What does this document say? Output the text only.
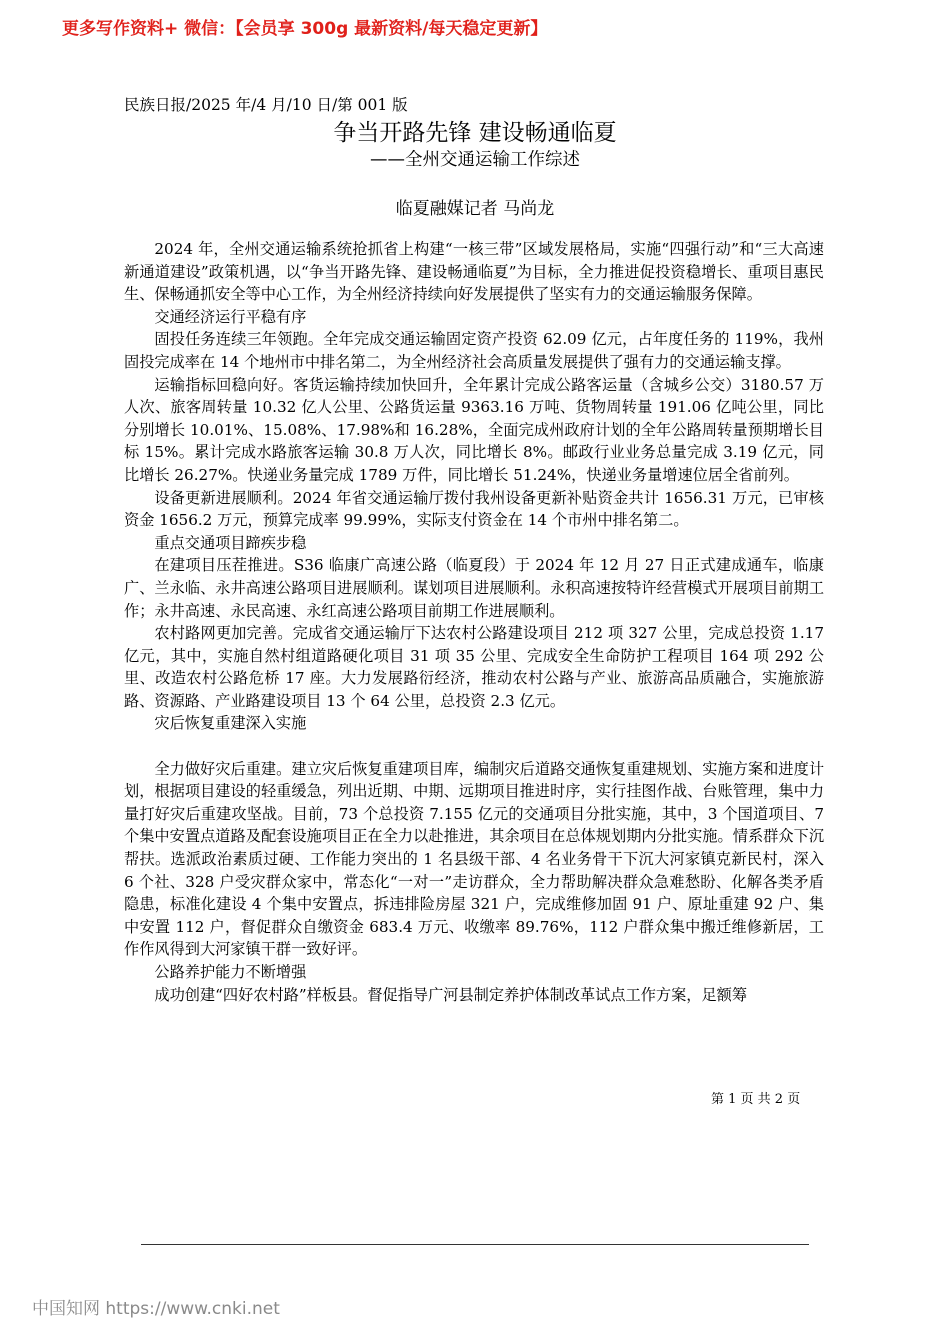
更多写作资料+ 微信：【会员享 300g 最新资料/每天稳定更新】
民族日报/2025 年/4 月/10 日/第 001 版
争当开路先锋 建设畅通临夏
——全州交通运输工作综述
临夏融媒记者 马尚龙

2024 年，全州交通运输系统抢抓省上构建“一核三带”区域发展格局，实施“四强行动”和“三大高速新通道建设”政策机遇，以“争当开路先锋、建设畅通临夏”为目标，全力推进促投资稳增长、重项目惠民生、保畅通抓安全等中心工作，为全州经济持续向好发展提供了坚实有力的交通运输服务保障。

交通经济运行平稳有序

固投任务连续三年领跑。全年完成交通运输固定资产投资 62.09 亿元，占年度任务的 119%，我州固投完成率在 14 个地州市中排名第二，为全州经济社会高质量发展提供了强有力的交通运输支撑。

运输指标回稳向好。客货运输持续加快回升，全年累计完成公路客运量（含城乡公交）3180.57 万人次、旅客周转量 10.32 亿人公里、公路货运量 9363.16 万吨、货物周转量 191.06 亿吨公里，同比分别增长 10.01%、15.08%、17.98%和 16.28%，全面完成州政府计划的全年公路周转量预期增长目标 15%。累计完成水路旅客运输 30.8 万人次，同比增长 8%。邮政行业业务总量完成 3.19 亿元，同比增长 26.27%。快递业务量完成 1789 万件，同比增长 51.24%，快递业务量增速位居全省前列。

设备更新进展顺利。2024 年省交通运输厅拨付我州设备更新补贴资金共计 1656.31 万元，已审核资金 1656.2 万元，预算完成率 99.99%，实际支付资金在 14 个市州中排名第二。

重点交通项目蹄疾步稳

在建项目压茬推进。S36 临康广高速公路（临夏段）于 2024 年 12 月 27 日正式建成通车，临康广、兰永临、永井高速公路项目进展顺利。谋划项目进展顺利。永积高速按特许经营模式开展项目前期工作；永井高速、永民高速、永红高速公路项目前期工作进展顺利。

农村路网更加完善。完成省交通运输厅下达农村公路建设项目 212 项 327 公里，完成总投资 1.17 亿元，其中，实施自然村组道路硬化项目 31 项 35 公里、完成安全生命防护工程项目 164 项 292 公里、改造农村公路危桥 17 座。大力发展路衍经济，推动农村公路与产业、旅游高品质融合，实施旅游路、资源路、产业路建设项目 13 个 64 公里，总投资 2.3 亿元。

灾后恢复重建深入实施

全力做好灾后重建。建立灾后恢复重建项目库，编制灾后道路交通恢复重建规划、实施方案和进度计划，根据项目建设的轻重缓急，列出近期、中期、远期项目推进时序，实行挂图作战、台账管理，集中力量打好灾后重建攻坚战。目前，73 个总投资 7.155 亿元的交通项目分批实施，其中，3 个国道项目、7 个集中安置点道路及配套设施项目正在全力以赴推进，其余项目在总体规划期内分批实施。情系群众下沉帮扶。选派政治素质过硬、工作能力突出的 1 名县级干部、4 名业务骨干下沉大河家镇克新民村，深入 6 个社、328 户受灾群众家中，常态化“一对一”走访群众，全力帮助解决群众急难愁盼、化解各类矛盾隐患，标准化建设 4 个集中安置点，拆违排险房屋 321 户，完成维修加固 91 户、原址重建 92 户、集中安置 112 户，督促群众自缴资金 683.4 万元、收缴率 89.76%，112 户群众集中搬迁维修新居，工作作风得到大河家镇干群一致好评。

公路养护能力不断增强

成功创建“四好农村路”样板县。督促指导广河县制定养护体制改革试点工作方案，足额筹

第 1 页 共 2 页
中国知网 https://www.cnki.net
